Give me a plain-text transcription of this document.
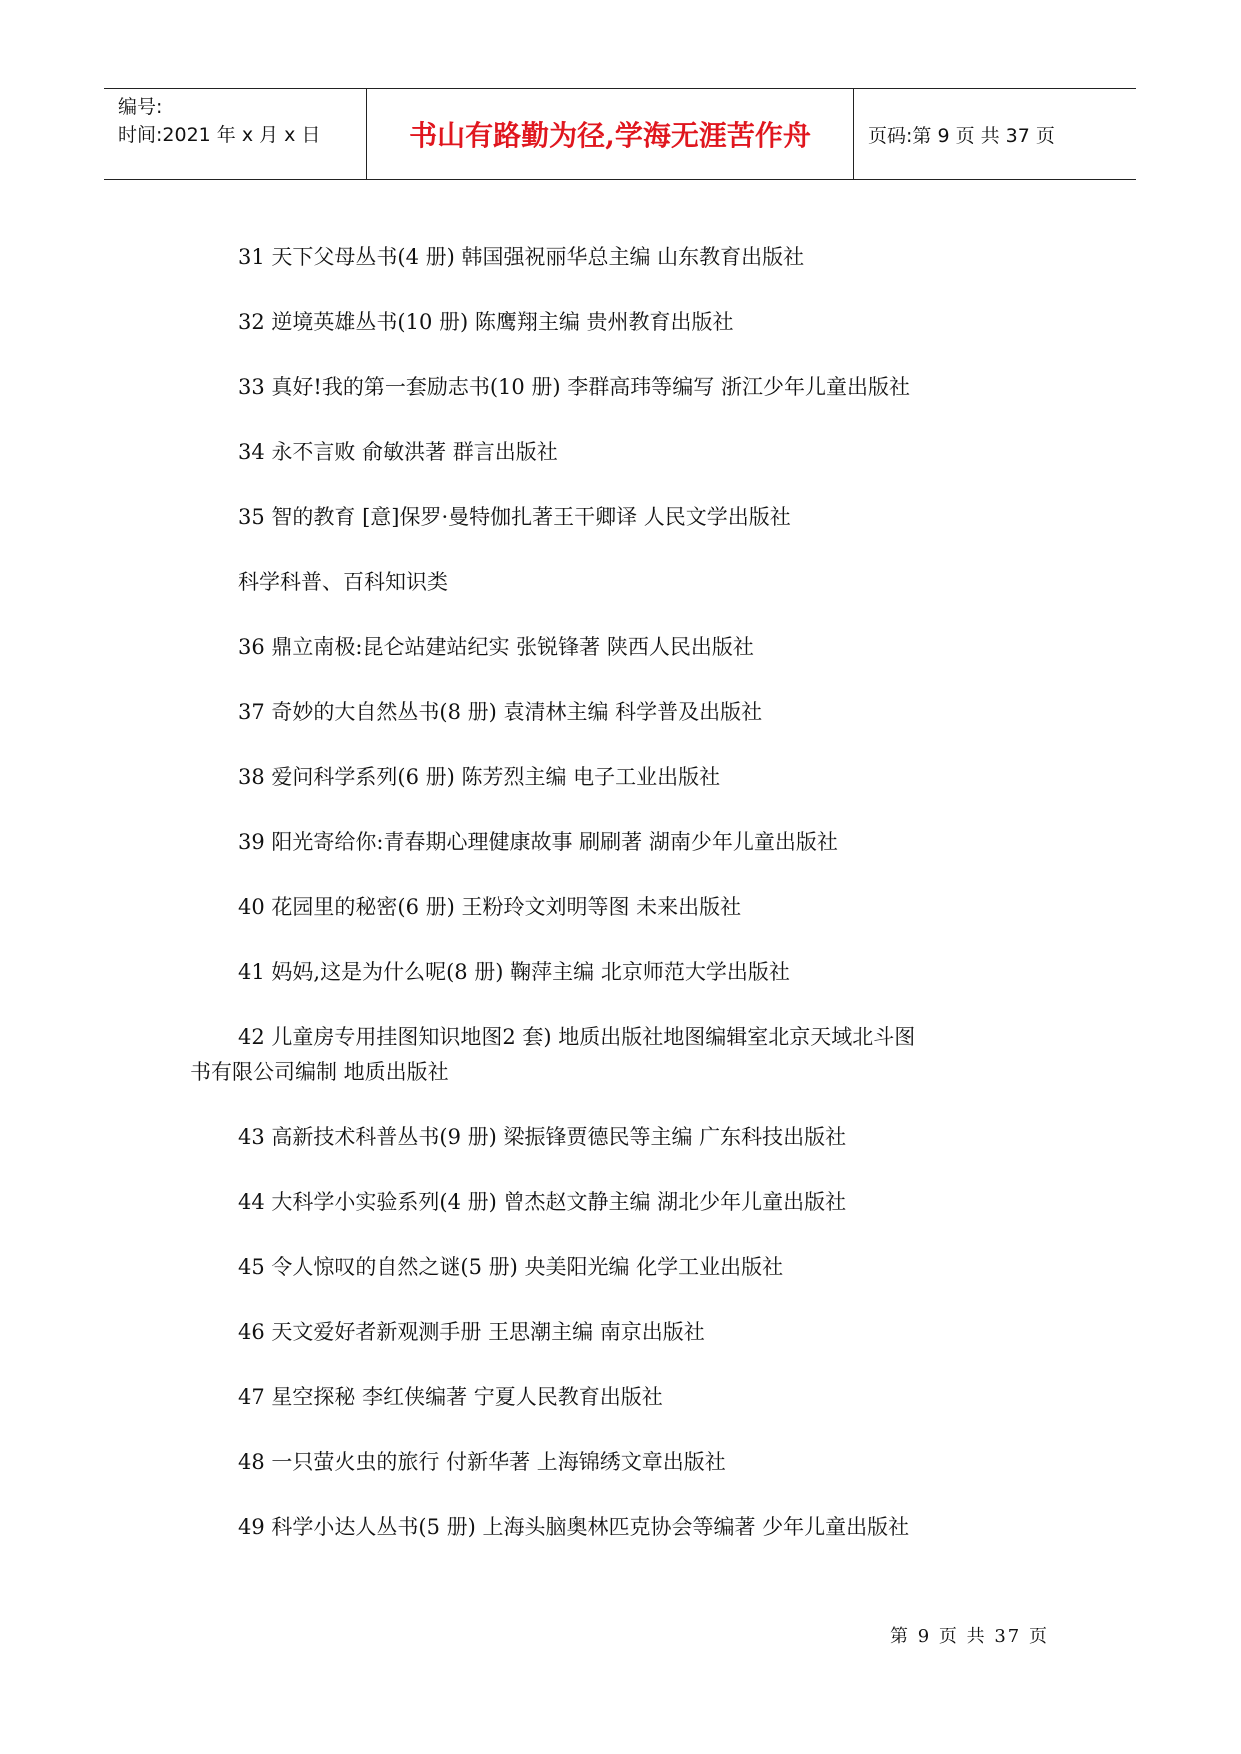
编号:
时间:2021 年 x 月 x 日	书山有路勤为径,学海无涯苦作舟	页码:第 9 页 共 37 页
31 天下父母丛书(4 册) 韩国强祝丽华总主编 山东教育出版社
32 逆境英雄丛书(10 册) 陈鹰翔主编 贵州教育出版社
33 真好!我的第一套励志书(10 册) 李群高玮等编写 浙江少年儿童出版社
34 永不言败 俞敏洪著 群言出版社
35 智的教育 [意]保罗·曼特伽扎著王干卿译 人民文学出版社
科学科普、百科知识类
36 鼎立南极:昆仑站建站纪实 张锐锋著 陕西人民出版社
37 奇妙的大自然丛书(8 册) 袁清林主编 科学普及出版社
38 爱问科学系列(6 册) 陈芳烈主编 电子工业出版社
39 阳光寄给你:青春期心理健康故事 刷刷著 湖南少年儿童出版社
40 花园里的秘密(6 册) 王粉玲文刘明等图 未来出版社
41 妈妈,这是为什么呢(8 册) 鞠萍主编 北京师范大学出版社
42 儿童房专用挂图知识地图2 套) 地质出版社地图编辑室北京天域北斗图
书有限公司编制 地质出版社
43 高新技术科普丛书(9 册) 梁振锋贾德民等主编 广东科技出版社
44 大科学小实验系列(4 册) 曾杰赵文静主编 湖北少年儿童出版社
45 令人惊叹的自然之谜(5 册) 央美阳光编 化学工业出版社
46 天文爱好者新观测手册 王思潮主编 南京出版社
47 星空探秘 李红侠编著 宁夏人民教育出版社
48 一只萤火虫的旅行 付新华著 上海锦绣文章出版社
49 科学小达人丛书(5 册) 上海头脑奥林匹克协会等编著 少年儿童出版社
第 9 页 共 37 页
